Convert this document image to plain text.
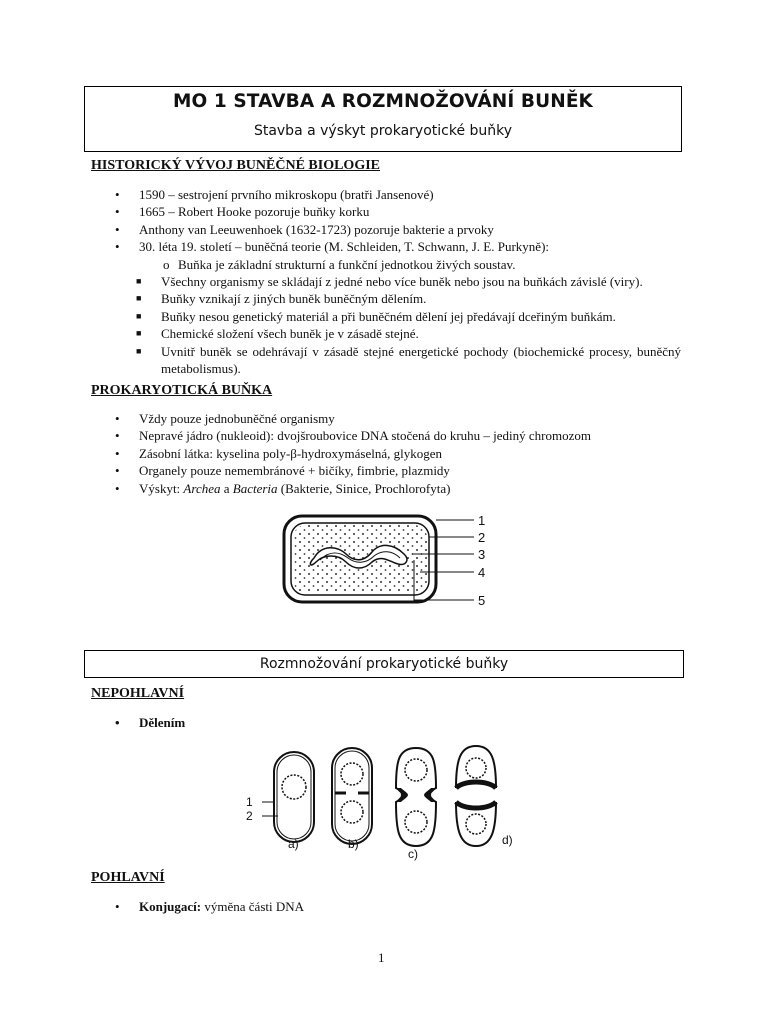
MO 1 STAVBA A ROZMNOŽOVÁNÍ BUNĚK
Stavba a výskyt prokaryotické buňky
HISTORICKÝ VÝVOJ BUNĚČNÉ BIOLOGIE
• 1590 – sestrojení prvního mikroskopu (bratři Jansenové)
• 1665 – Robert Hooke pozoruje buňky korku
• Anthony van Leeuwenhoek (1632-1723) pozoruje bakterie a prvoky
• 30. léta 19. století – buněčná teorie (M. Schleiden, T. Schwann, J. E. Purkyně):
o Buňka je základní strukturní a funkční jednotkou živých soustav.
■ Všechny organismy se skládají z jedné nebo více buněk nebo jsou na buňkách závislé (viry).
■ Buňky vznikají z jiných buněk buněčným dělením.
■ Buňky nesou genetický materiál a při buněčném dělení jej předávají dceřiným buňkám.
■ Chemické složení všech buněk je v zásadě stejné.
■ Uvnitř buněk se odehrávají v zásadě stejné energetické pochody (biochemické procesy, buněčný metabolismus).
PROKARYOTICKÁ BUŇKA
• Vždy pouze jednobuněčné organismy
• Nepravé jádro (nukleoid): dvojšroubovice DNA stočená do kruhu – jediný chromozom
• Zásobní látka: kyselina poly-β-hydroxymáselná, glykogen
• Organely pouze nemembránové + bičíky, fimbrie, plazmidy
• Výskyt: Archea a Bacteria (Bakterie, Sinice, Prochlorofyta)
1
2
3
4
5
Rozmnožování prokaryotické buňky
NEPOHLAVNÍ
• Dělením
1
2
a)	b)
c)
d)
POHLAVNÍ
• Konjugací: výměna části DNA
1
